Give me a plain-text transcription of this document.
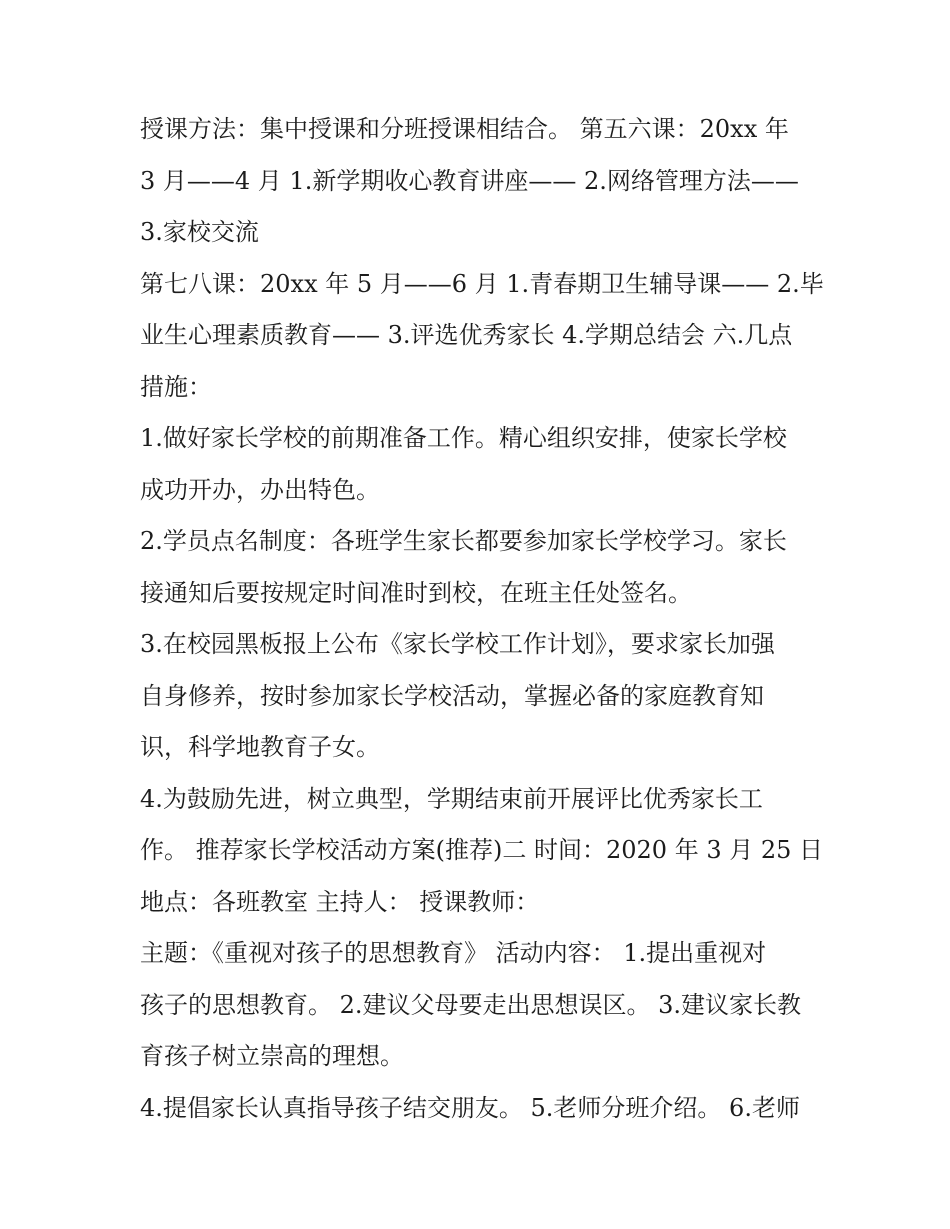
授课方法：集中授课和分班授课相结合。 第五六课：20xx 年
3 月——4 月 1.新学期收心教育讲座—— 2.网络管理方法——
3.家校交流
第七八课：20xx 年 5 月——6 月 1.青春期卫生辅导课—— 2.毕
业生心理素质教育—— 3.评选优秀家长 4.学期总结会 六.几点
措施：
1.做好家长学校的前期准备工作。精心组织安排，使家长学校
成功开办，办出特色。
2.学员点名制度：各班学生家长都要参加家长学校学习。家长
接通知后要按规定时间准时到校，在班主任处签名。
3.在校园黑板报上公布《家长学校工作计划》，要求家长加强
自身修养，按时参加家长学校活动，掌握必备的家庭教育知
识，科学地教育子女。
4.为鼓励先进，树立典型，学期结束前开展评比优秀家长工
作。 推荐家长学校活动方案(推荐)二 时间：2020 年 3 月 25 日
地点：各班教室 主持人： 授课教师：
主题：《重视对孩子的思想教育》 活动内容： 1.提出重视对
孩子的思想教育。 2.建议父母要走出思想误区。 3.建议家长教
育孩子树立崇高的理想。
4.提倡家长认真指导孩子结交朋友。 5.老师分班介绍。 6.老师
